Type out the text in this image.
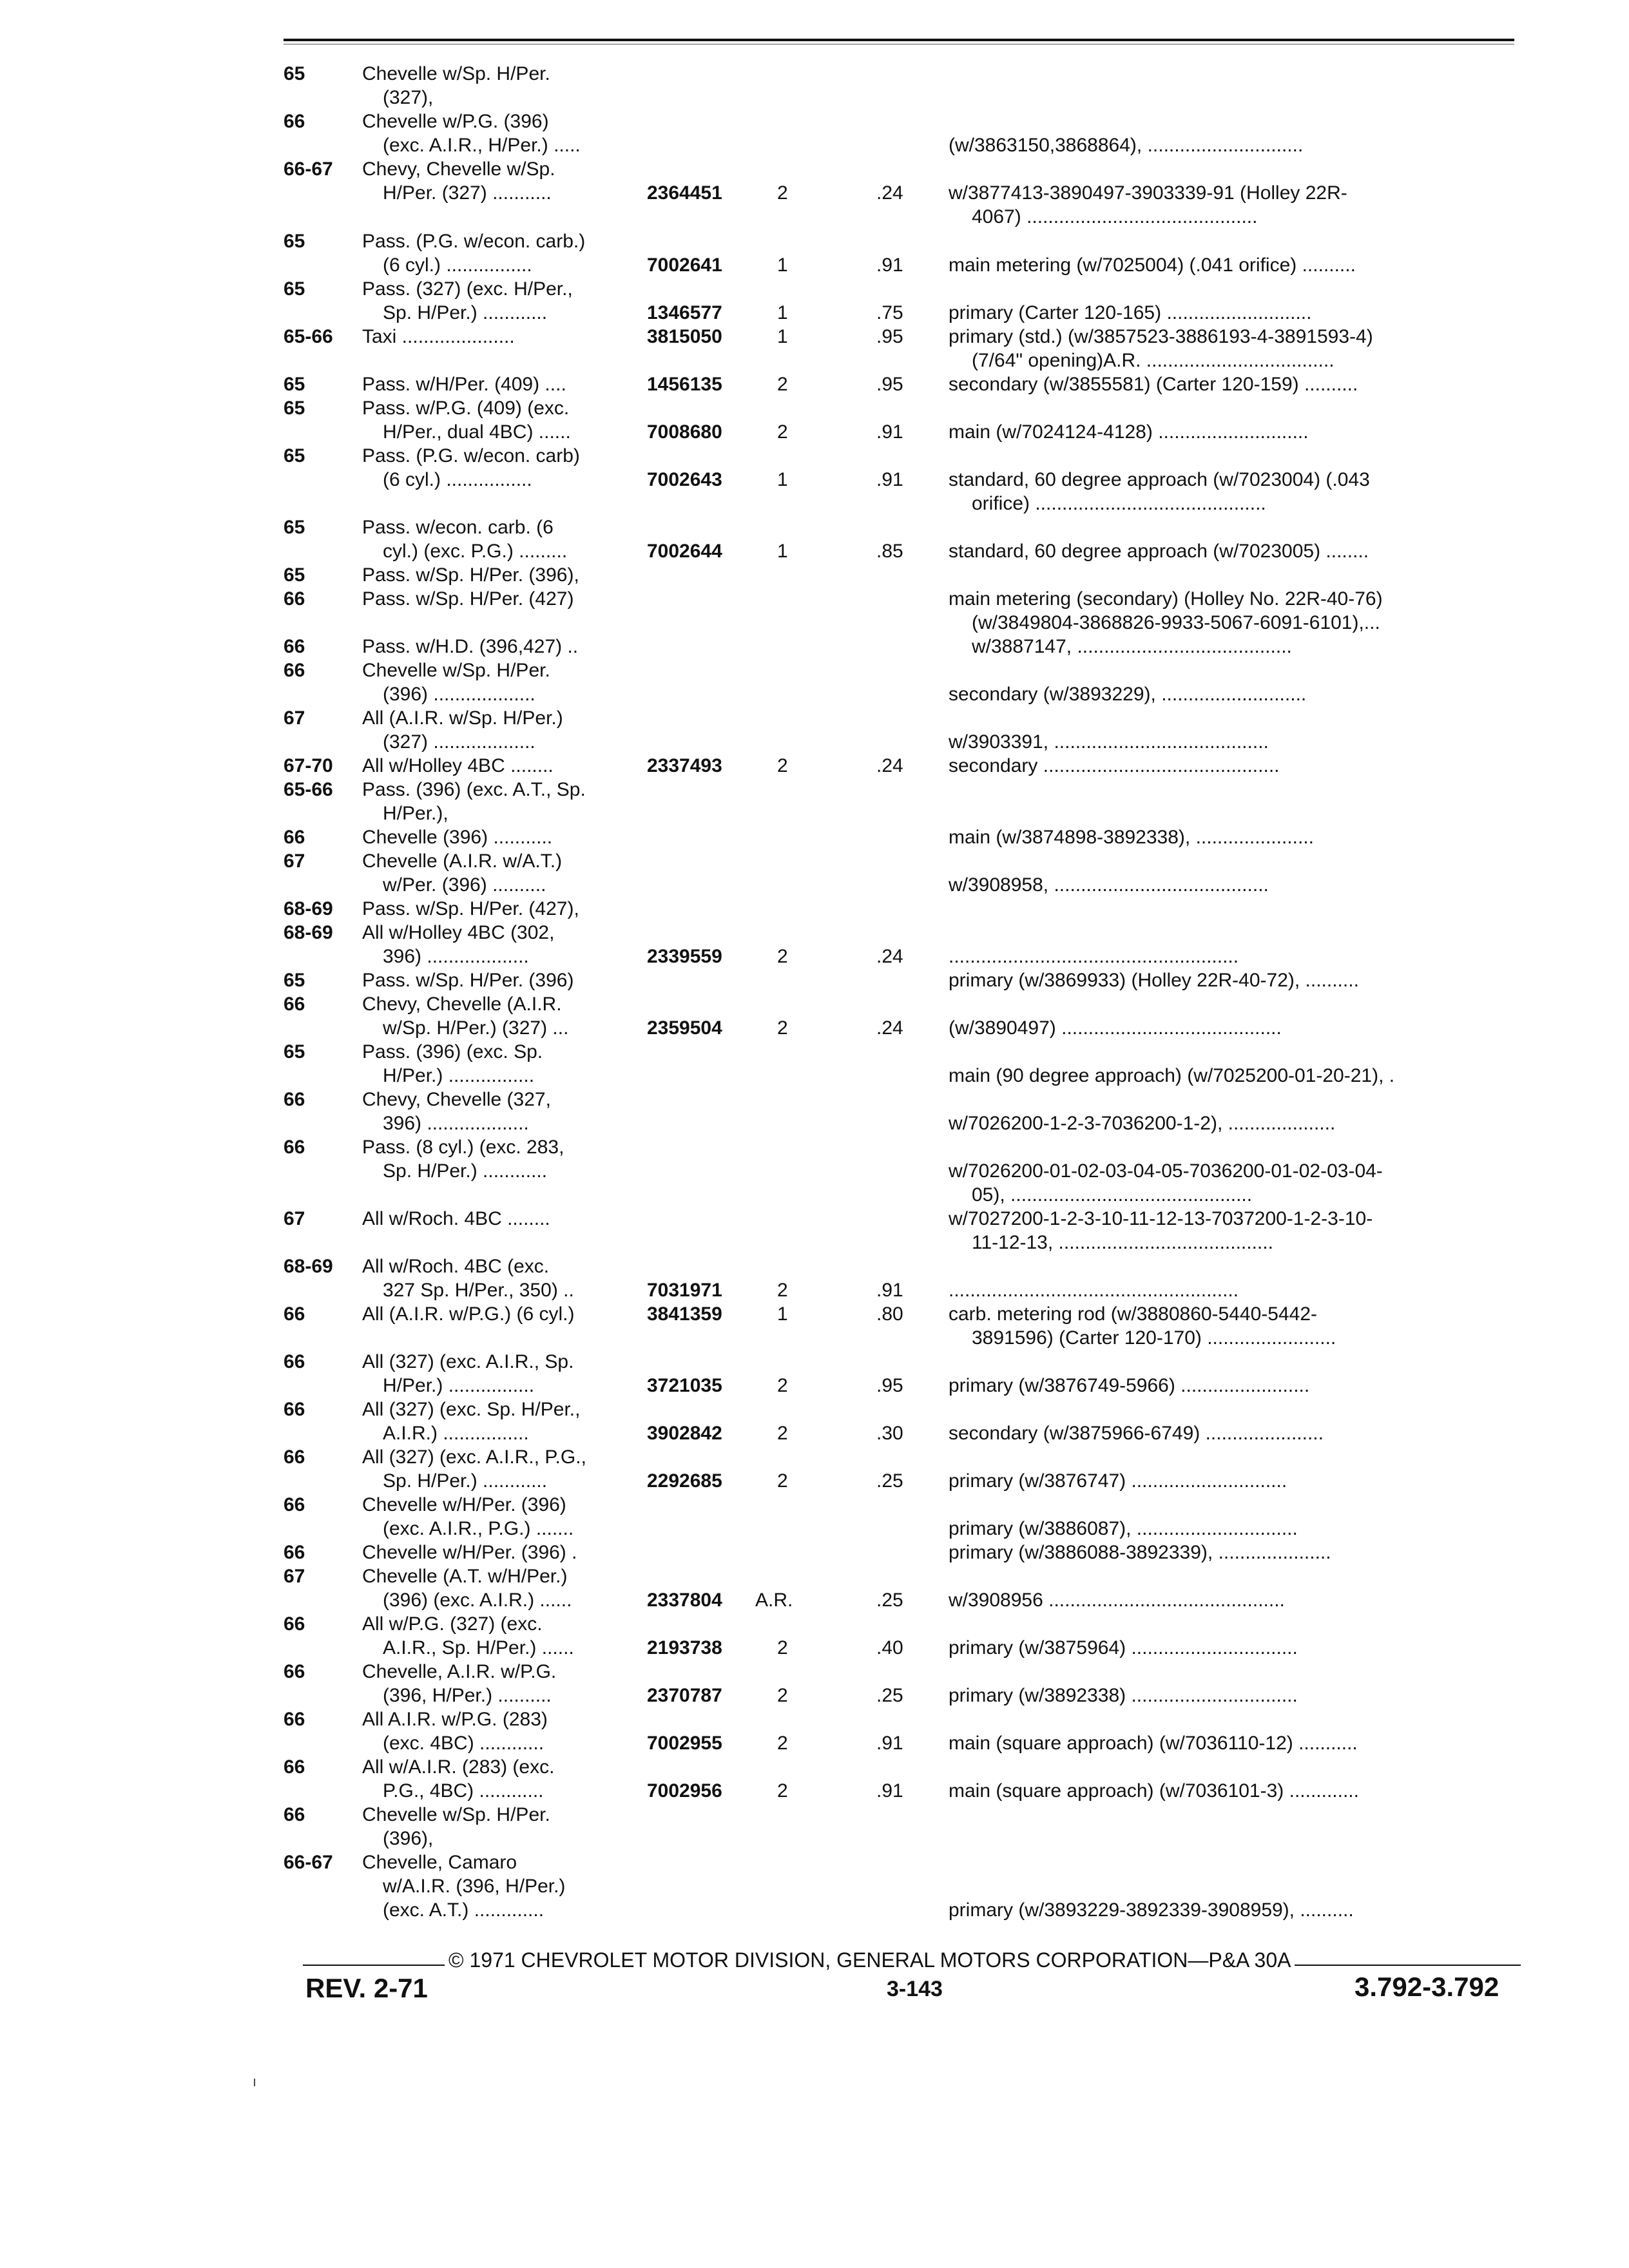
65	Chevelle w/Sp. H/Per.
(327),
66	Chevelle w/P.G. (396)
(exc. A.I.R., H/Per.) .....	(w/3863150,3868864), .............................
66-67 Chevy, Chevelle w/Sp.
H/Per. (327) ...........	2364451	2	.24	w/3877413-3890497-3903339-91 (Holley 22R-
4067) ...........................................
65	Pass. (P.G. w/econ. carb.)
(6 cyl.) ................	7002641	1	.91	main metering (w/7025004) (.041 orifice) ..........
65	Pass. (327) (exc. H/Per.,
Sp. H/Per.) ............	1346577	1	.75	primary (Carter 120-165) ...........................
65-66 Taxi .....................	3815050	1	.95	primary (std.) (w/3857523-3886193-4-3891593-4)
(7/64" opening)A.R. ...................................
65	Pass. w/H/Per. (409) ....	1456135	2	.95	secondary (w/3855581) (Carter 120-159) ..........
65	Pass. w/P.G. (409) (exc.
H/Per., dual 4BC) ......	7008680	2	.91	main (w/7024124-4128) ............................
65	Pass. (P.G. w/econ. carb)
(6 cyl.) ................	7002643	1	.91	standard, 60 degree approach (w/7023004) (.043
orifice) ...........................................
65	Pass. w/econ. carb. (6
cyl.) (exc. P.G.) .........	7002644	1	.85	standard, 60 degree approach (w/7023005) ........
65	Pass. w/Sp. H/Per. (396),
66	Pass. w/Sp. H/Per. (427)	main metering (secondary) (Holley No. 22R-40-76)
(w/3849804-3868826-9933-5067-6091-6101),...
w/3887147, ........................................
66	Pass. w/H.D. (396,427) ..
66	Chevelle w/Sp. H/Per.
(396) ...................	secondary (w/3893229), ...........................
67	All (A.I.R. w/Sp. H/Per.)
(327) ...................	w/3903391, ........................................
67-70 All w/Holley 4BC ........	2337493	2	.24	secondary ............................................
65-66 Pass. (396) (exc. A.T., Sp.
H/Per.),
66	Chevelle (396) ...........	main (w/3874898-3892338), ......................
67	Chevelle (A.I.R. w/A.T.)
w/Per. (396) ..........	w/3908958, ........................................
68-69 Pass. w/Sp. H/Per. (427),
68-69 All w/Holley 4BC (302,
396) ...................	2339559	2	.24	......................................................
65	Pass. w/Sp. H/Per. (396)	primary (w/3869933) (Holley 22R-40-72), ..........
66	Chevy, Chevelle (A.I.R.
w/Sp. H/Per.) (327) ...	2359504	2	.24	(w/3890497) .........................................
65	Pass. (396) (exc. Sp.
H/Per.) ................	main (90 degree approach) (w/7025200-01-20-21), .
66	Chevy, Chevelle (327,
396) ...................	w/7026200-1-2-3-7036200-1-2), ....................
66	Pass. (8 cyl.) (exc. 283,
Sp. H/Per.) ............	w/7026200-01-02-03-04-05-7036200-01-02-03-04-
05), .............................................
67	All w/Roch. 4BC ........	w/7027200-1-2-3-10-11-12-13-7037200-1-2-3-10-
11-12-13, ........................................
68-69 All w/Roch. 4BC (exc.
327 Sp. H/Per., 350) ..	7031971	2	.91	......................................................
66	All (A.I.R. w/P.G.) (6 cyl.)	3841359	1	.80	carb. metering rod (w/3880860-5440-5442-
3891596) (Carter 120-170) ........................
66	All (327) (exc. A.I.R., Sp.
H/Per.) ................	3721035	2	.95	primary (w/3876749-5966) ........................
66	All (327) (exc. Sp. H/Per.,
A.I.R.) ................	3902842	2	.30	secondary (w/3875966-6749) ......................
66	All (327) (exc. A.I.R., P.G.,
Sp. H/Per.) ............	2292685	2	.25	primary (w/3876747) .............................
66	Chevelle w/H/Per. (396)
(exc. A.I.R., P.G.) .......	primary (w/3886087), ..............................
66	Chevelle w/H/Per. (396) .	primary (w/3886088-3892339), .....................
67	Chevelle (A.T. w/H/Per.)
(396) (exc. A.I.R.) ......	2337804	A.R.	.25	w/3908956 ............................................
66	All w/P.G. (327) (exc.
A.I.R., Sp. H/Per.) ......	2193738	2	.40	primary (w/3875964) ...............................
66	Chevelle, A.I.R. w/P.G.
(396, H/Per.) ..........	2370787	2	.25	primary (w/3892338) ...............................
66	All A.I.R. w/P.G. (283)
(exc. 4BC) ............	7002955	2	.91	main (square approach) (w/7036110-12) ...........
66	All w/A.I.R. (283) (exc.
P.G., 4BC) ............	7002956	2	.91	main (square approach) (w/7036101-3) .............
66	Chevelle w/Sp. H/Per.
(396),
66-67 Chevelle, Camaro
w/A.I.R. (396, H/Per.)
(exc. A.T.) .............	primary (w/3893229-3892339-3908959), ..........
© 1971 CHEVROLET MOTOR DIVISION, GENERAL MOTORS CORPORATION—P&A 30A
REV. 2-71	3-143	3.792-3.792
ı
